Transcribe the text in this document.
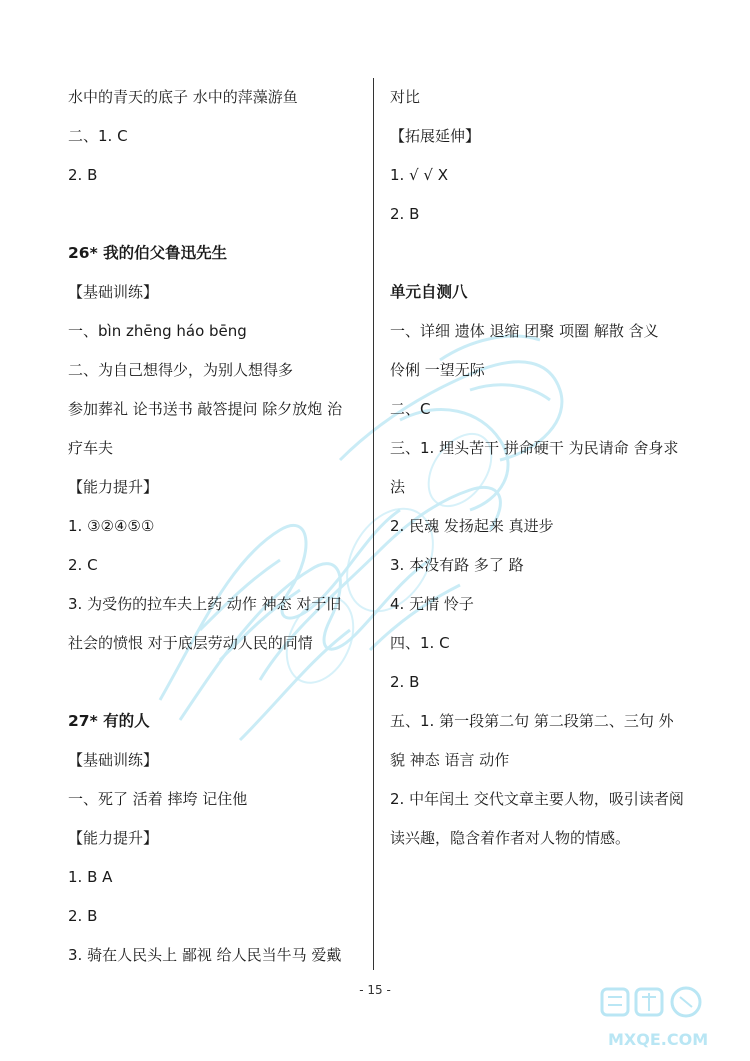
水中的青天的底子 水中的萍藻游鱼
二、1. C
2. B
26* 我的伯父鲁迅先生
【基础训练】
一、bìn zhēng háo bēng
二、为自己想得少，为别人想得多
参加葬礼 论书送书 敲答提问 除夕放炮 治
疗车夫
【能力提升】
1. ③②④⑤①
2. C
3. 为受伤的拉车夫上药 动作 神态 对于旧
社会的愤恨 对于底层劳动人民的同情
27* 有的人
【基础训练】
一、死了 活着 摔垮 记住他
【能力提升】
1. B A
2. B
3. 骑在人民头上 鄙视 给人民当牛马 爱戴
对比
【拓展延伸】
1. √ √ X
2. B
单元自测八
一、详细 遗体 退缩 团聚 项圈 解散 含义
伶俐 一望无际
二、C
三、1. 埋头苦干 拼命硬干 为民请命 舍身求
法
2. 民魂 发扬起来 真进步
3. 本没有路 多了 路
4. 无情 怜子
四、1. C
2. B
五、1. 第一段第二句 第二段第二、三句 外
貌 神态 语言 动作
2. 中年闰土 交代文章主要人物，吸引读者阅
读兴趣，隐含着作者对人物的情感。
- 15 -
MXQE.COM
